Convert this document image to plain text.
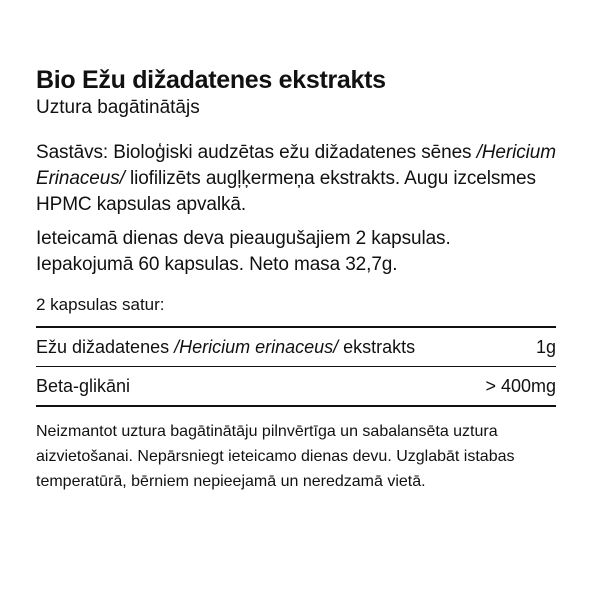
Bio Ežu dižadatenes ekstrakts
Uztura bagātinātājs
Sastāvs: Bioloģiski audzētas ežu dižadatenes sēnes /Hericium Erinaceus/ liofilizēts augļķermeņa ekstrakts. Augu izcelsmes HPMC kapsulas apvalkā.
Ieteicamā dienas deva pieaugušajiem 2 kapsulas.
Iepakojumā 60 kapsulas. Neto masa 32,7g.
2 kapsulas satur:
Ežu dižadatenes /Hericium erinaceus/ ekstrakts	1g
Beta-glikāni	> 400mg
Neizmantot uztura bagātinātāju pilnvērtīga un sabalansēta uztura aizvietošanai. Nepārsniegt ieteicamo dienas devu. Uzglabāt istabas temperatūrā, bērniem nepieejamā un neredzamā vietā.
